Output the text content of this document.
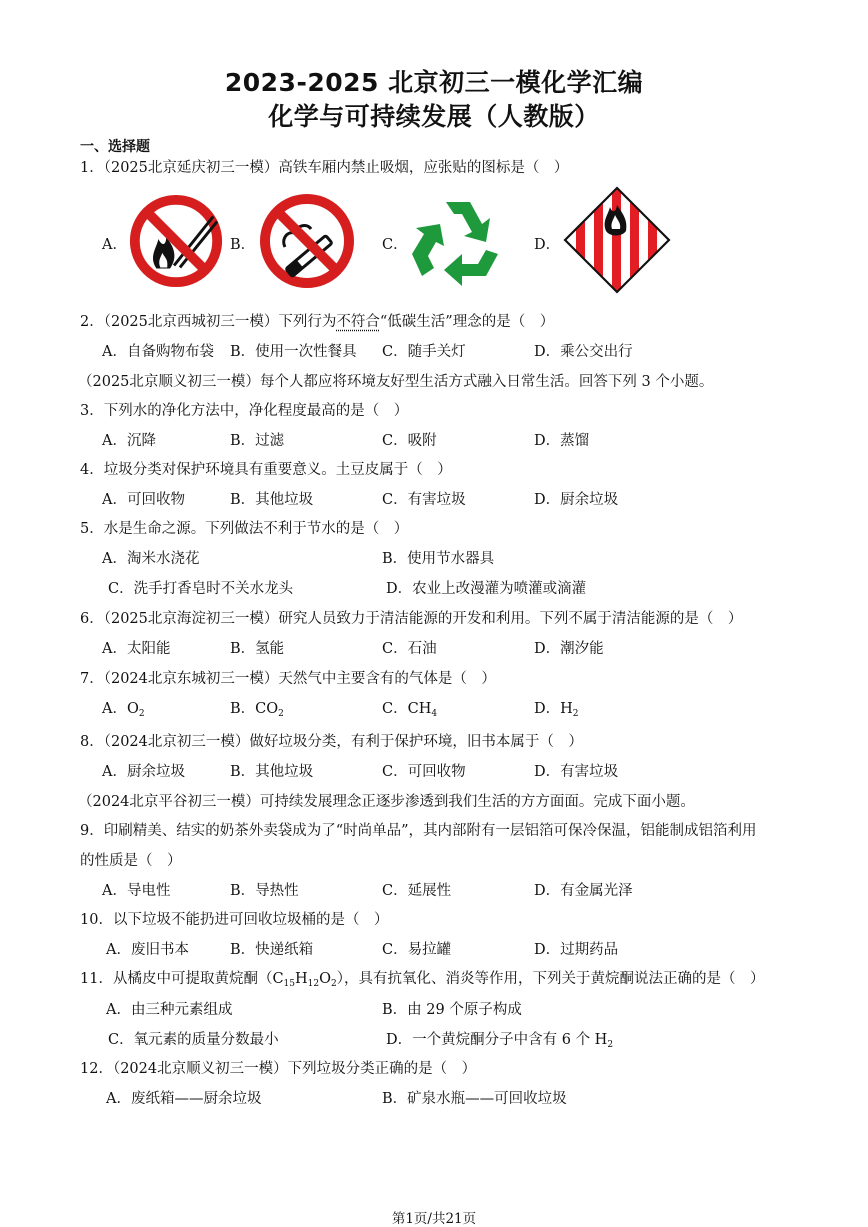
2023-2025 北京初三一模化学汇编
化学与可持续发展（人教版）
一、选择题
1．（2025北京延庆初三一模）高铁车厢内禁止吸烟，应张贴的图标是（　）
A．	B．	C．	D．
2．（2025北京西城初三一模）下列行为不符合“低碳生活”理念的是（　）
A．自备购物布袋 B．使用一次性餐具 C．随手关灯	D．乘公交出行
（2025北京顺义初三一模）每个人都应将环境友好型生活方式融入日常生活。回答下列 3 个小题。
3．下列水的净化方法中，净化程度最高的是（　）
A．沉降	B．过滤	C．吸附	D．蒸馏
4．垃圾分类对保护环境具有重要意义。土豆皮属于（　）
A．可回收物	B．其他垃圾	C．有害垃圾	D．厨余垃圾
5．水是生命之源。下列做法不利于节水的是（　）
A．淘米水浇花	B．使用节水器具
C．洗手打香皂时不关水龙头	D．农业上改漫灌为喷灌或滴灌
6．（2025北京海淀初三一模）研究人员致力于清洁能源的开发和利用。下列不属于清洁能源的是（　）
A．太阳能	B．氢能	C．石油	D．潮汐能
7．（2024北京东城初三一模）天然气中主要含有的气体是（　）
A．$O_2$	B．$CO_2$	C．$CH_4$	D．$H_2$
8．（2024北京初三一模）做好垃圾分类，有利于保护环境，旧书本属于（　）
A．厨余垃圾	B．其他垃圾	C．可回收物	D．有害垃圾
（2024北京平谷初三一模）可持续发展理念正逐步渗透到我们生活的方方面面。完成下面小题。
9．印刷精美、结实的奶茶外卖袋成为了“时尚单品”，其内部附有一层铝箔可保冷保温，铝能制成铝箔利用
的性质是（　）
A．导电性	B．导热性	C．延展性	D．有金属光泽
10．以下垃圾不能扔进可回收垃圾桶的是（　）
A．废旧书本	B．快递纸箱	C．易拉罐	D．过期药品
11．从橘皮中可提取黄烷酮$(C_{15}H_{12}O_2)$，具有抗氧化、消炎等作用，下列关于黄烷酮说法正确的是（　）
A．由三种元素组成	B．由 29 个原子构成
C．氧元素的质量分数最小	D．一个黄烷酮分子中含有 6 个 $H_2$
12．（2024北京顺义初三一模）下列垃圾分类正确的是（　）
A．废纸箱——厨余垃圾	B．矿泉水瓶——可回收垃圾
第1页/共21页
